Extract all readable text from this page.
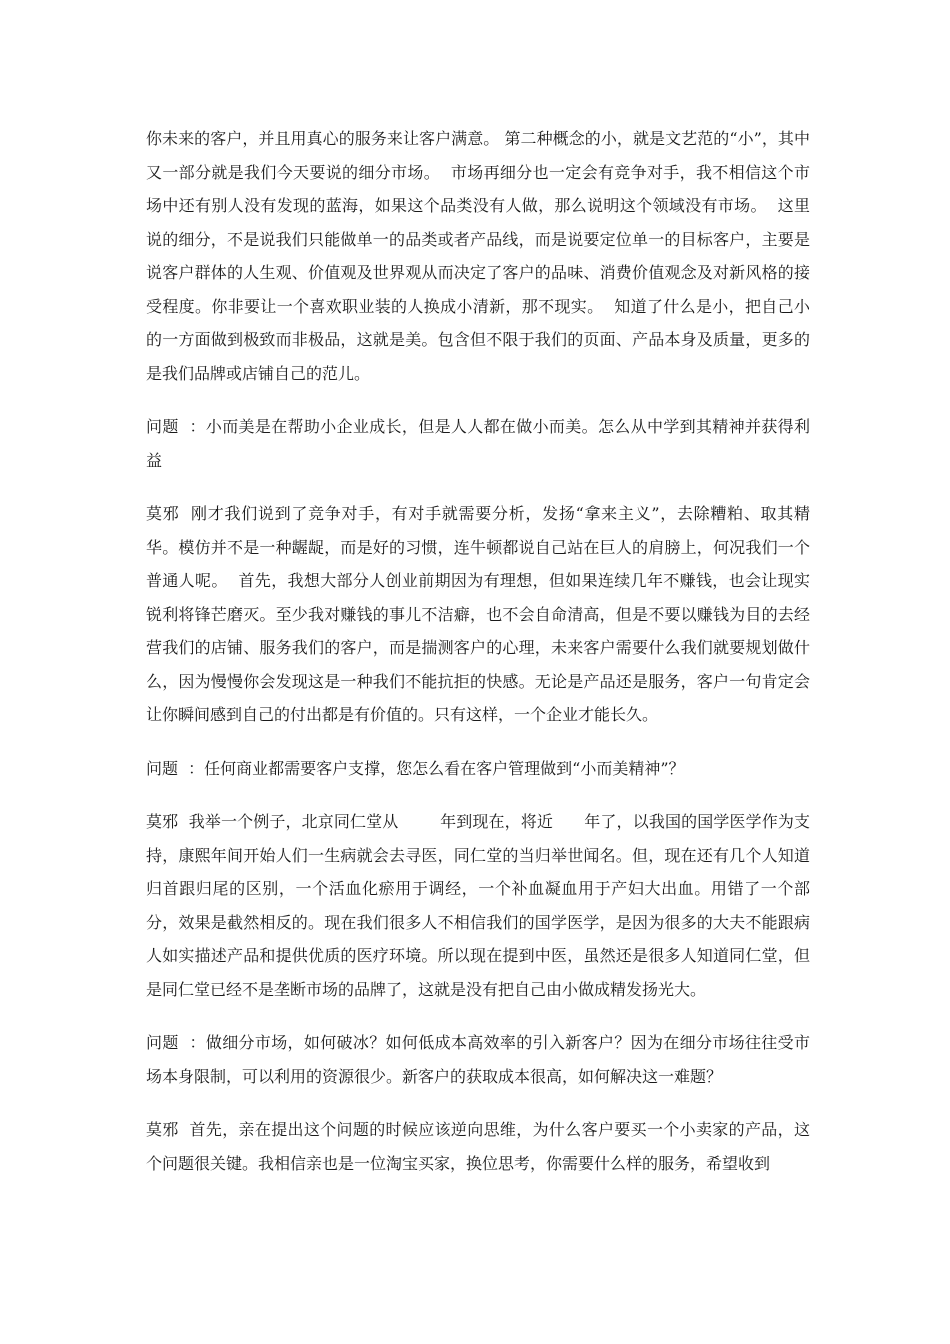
你未来的客户，并且用真心的服务来让客户满意。 第二种概念的小，就是文艺范的“小”，其中又一部分就是我们今天要说的细分市场。  市场再细分也一定会有竞争对手，我不相信这个市场中还有别人没有发现的蓝海，如果这个品类没有人做，那么说明这个领域没有市场。  这里说的细分，不是说我们只能做单一的品类或者产品线，而是说要定位单一的目标客户，主要是说客户群体的人生观、价值观及世界观从而决定了客户的品味、消费价值观念及对新风格的接受程度。你非要让一个喜欢职业装的人换成小清新，那不现实。  知道了什么是小，把自己小的一方面做到极致而非极品，这就是美。包含但不限于我们的页面、产品本身及质量，更多的是我们品牌或店铺自己的范儿。

问题  ：小而美是在帮助小企业成长，但是人人都在做小而美。怎么从中学到其精神并获得利益

莫邪  刚才我们说到了竞争对手，有对手就需要分析，发扬“拿来主义”，去除糟粕、取其精华。模仿并不是一种龌龊，而是好的习惯，连牛顿都说自己站在巨人的肩膀上，何况我们一个普通人呢。  首先，我想大部分人创业前期因为有理想，但如果连续几年不赚钱，也会让现实锐利将锋芒磨灭。至少我对赚钱的事儿不洁癖，也不会自命清高，但是不要以赚钱为目的去经营我们的店铺、服务我们的客户，而是揣测客户的心理，未来客户需要什么我们就要规划做什么，因为慢慢你会发现这是一种我们不能抗拒的快感。无论是产品还是服务，客户一句肯定会让你瞬间感到自己的付出都是有价值的。只有这样，一个企业才能长久。

问题  ：任何商业都需要客户支撑，您怎么看在客户管理做到“小而美精神”？

莫邪  我举一个例子，北京同仁堂从        年到现在，将近      年了，以我国的国学医学作为支持，康熙年间开始人们一生病就会去寻医，同仁堂的当归举世闻名。但，现在还有几个人知道归首跟归尾的区别，一个活血化瘀用于调经，一个补血凝血用于产妇大出血。用错了一个部分，效果是截然相反的。现在我们很多人不相信我们的国学医学，是因为很多的大夫不能跟病人如实描述产品和提供优质的医疗环境。所以现在提到中医，虽然还是很多人知道同仁堂，但是同仁堂已经不是垄断市场的品牌了，这就是没有把自己由小做成精发扬光大。

问题  ：做细分市场，如何破冰？如何低成本高效率的引入新客户？因为在细分市场往往受市场本身限制，可以利用的资源很少。新客户的获取成本很高，如何解决这一难题？

莫邪  首先，亲在提出这个问题的时候应该逆向思维，为什么客户要买一个小卖家的产品，这个问题很关键。我相信亲也是一位淘宝买家，换位思考，你需要什么样的服务，希望收到
